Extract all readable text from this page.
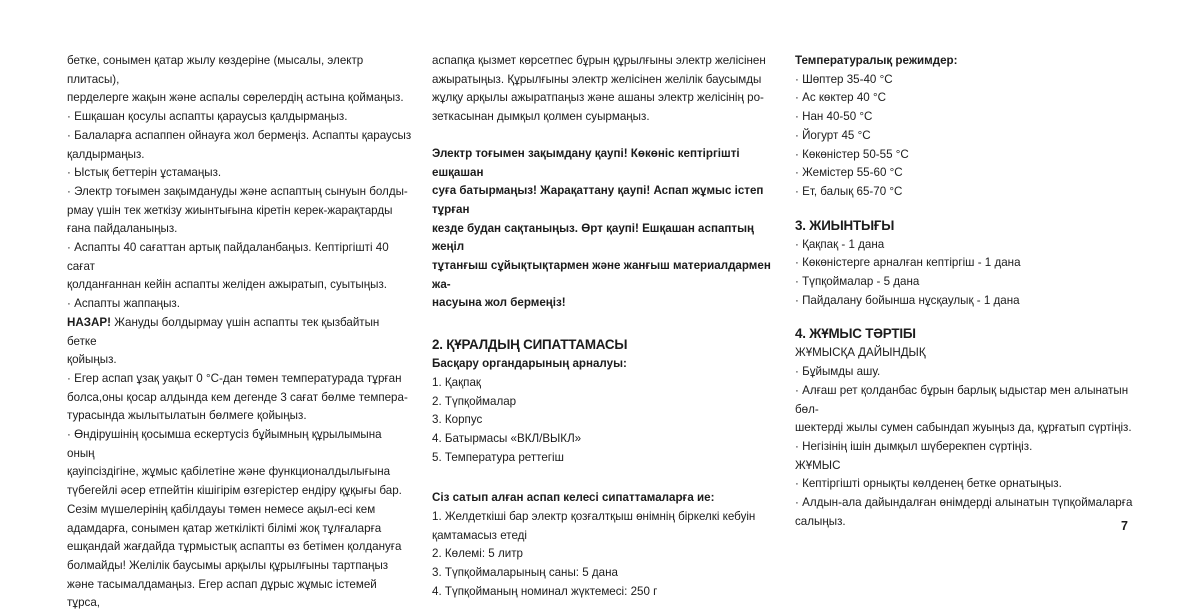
бетке, сонымен қатар жылу көздеріне (мысалы, электр плитасы),

перделерге жақын және аспалы сөрелердің астына қоймаңыз.

· Ешқашан қосулы аспапты қараусыз қалдырмаңыз.

· Балаларға аспаппен ойнауға жол бермеңіз. Аспапты қараусыз

қалдырмаңыз.

· Ыстық беттерін ұстамаңыз.

· Электр тоғымен зақымдануды және аспаптың сынуын болды-

рмау үшін тек жеткізу жиынтығына кіретін керек-жарақтарды

ғана пайдаланыңыз.

· Аспапты 40 сағаттан артық пайдаланбаңыз. Кептіргішті 40 сағат

қолданғаннан кейін аспапты желіден ажыратып, суытыңыз.

· Аспапты жаппаңыз.

НАЗАР! Жануды болдырмау үшін аспапты тек қызбайтын бетке

қойыңыз.

· Егер аспап ұзақ уақыт 0 °С-дан төмен температурада тұрған

болса,оны қосар алдында кем дегенде 3 сағат бөлме темпера-

турасында жылытылатын бөлмеге қойыңыз.

· Өндірушінің қосымша ескертусіз бұйымның құрылымына оның

қауіпсіздігіне, жұмыс қабілетіне және функционалдылығына

түбегейлі әсер етпейтін кішігірім өзгерістер ендіру құқығы бар.

Сезім мүшелерінің қабілдауы төмен немесе ақыл-есі кем

адамдарға, сонымен қатар жеткілікті білімі жоқ тұлғаларға

ешқандай жағдайда тұрмыстық аспапты өз бетімен қолдануға

болмайды! Желілік баусымы арқылы құрылғыны тартпаңыз

және тасымалдамаңыз. Егер аспап дұрыс жұмыс істемей тұрса,

аспапқа қызмет көрсетпес бұрын құрылғыны электр желісінен

ажыратыңыз. Құрылғыны электр желісінен желілік баусымды

жұлқу арқылы ажыратпаңыз және ашаны электр желісінің ро-

зеткасынан дымқыл қолмен суырмаңыз.

Электр тоғымен зақымдану қаупі! Көкөніс кептіргішті ешқашан

суға батырмаңыз! Жарақаттану қаупі! Аспап жұмыс істеп тұрған

кезде будан сақтаныңыз. Өрт қаупі! Ешқашан аспаптың жеңіл

тұтанғыш сұйықтықтармен және жанғыш материалдармен жа-

насуына жол бермеңіз!

2. ҚҰРАЛДЫҢ СИПАТТАМАСЫ

Басқару органдарының арналуы:

1. Қақпақ

2. Түпқоймалар

3. Корпус

4. Батырмасы «ВКЛ/ВЫКЛ»

5. Температура реттегіш

Сіз сатып алған аспап келесі сипаттамаларға ие:

1. Желдеткіші бар электр қозғалтқыш өнімнің біркелкі кебуін

қамтамасыз етеді

2. Көлемі: 5 литр

3. Түпқоймаларының саны: 5 дана

4. Түпқойманың номинал жүктемесі: 250 г

Температуралық режимдер:

· Шөптер 35-40 °С

· Ас көктер 40 °С

· Нан 40-50 °С

· Йогурт 45 °С

· Көкөністер 50-55 °С

· Жемістер 55-60 °С

· Ет, балық 65-70 °С

3. ЖИЫНТЫҒЫ

· Қақпақ - 1 дана

· Көкөністерге арналған кептіргіш - 1 дана

· Түпқоймалар - 5 дана

· Пайдалану бойынша нұсқаулық - 1 дана

4. ЖҰМЫС ТӘРТІБІ

ЖҰМЫСҚА ДАЙЫНДЫҚ

· Бұйымды ашу.

· Алғаш рет қолданбас бұрын барлық ыдыстар мен алынатын бөл-

шектерді жылы сумен сабындап жуыңыз да, құрғатып сүртіңіз.

· Негізінің ішін дымқыл шүберекпен сүртіңіз.

ЖҰМЫС

· Кептіргішті орнықты көлденең бетке орнатыңыз.

· Алдын-ала дайындалған өнімдерді алынатын түпқоймаларға

салыңыз.	7
